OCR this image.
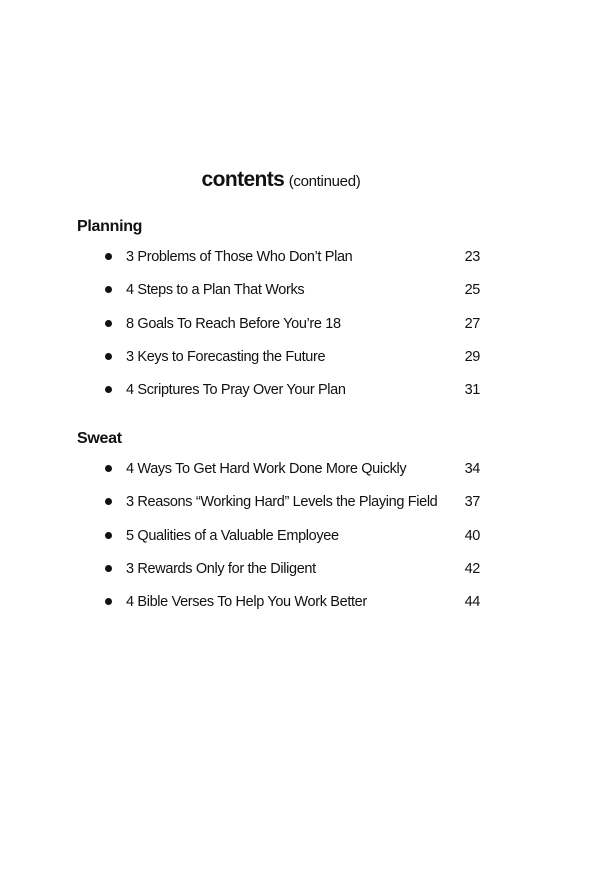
contents (continued)
Planning
3 Problems of Those Who Don’t Plan	23
4 Steps to a Plan That Works	25
8 Goals To Reach Before You’re 18	27
3 Keys to Forecasting the Future	29
4 Scriptures To Pray Over Your Plan	31
Sweat
4 Ways To Get Hard Work Done More Quickly	34
3 Reasons “Working Hard” Levels the Playing Field 37
5 Qualities of a Valuable Employee	40
3 Rewards Only for the Diligent	42
4 Bible Verses To Help You Work Better	44
